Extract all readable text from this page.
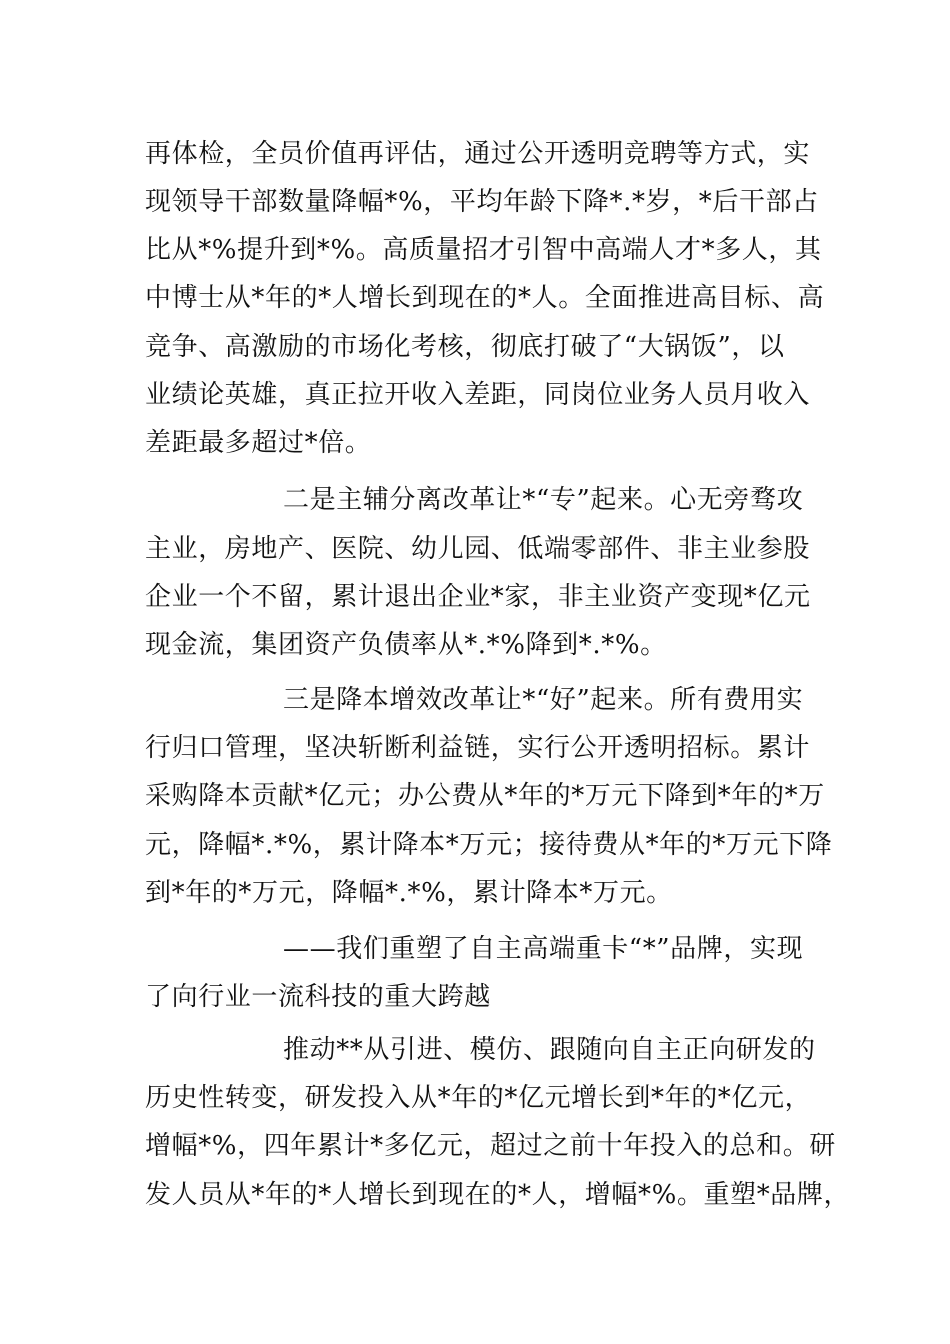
再体检，全员价值再评估，通过公开透明竞聘等方式，实
现领导干部数量降幅*%，平均年龄下降*.*岁，*后干部占
比从*%提升到*%。高质量招才引智中高端人才*多人，其
中博士从*年的*人增长到现在的*人。全面推进高目标、高
竞争、高激励的市场化考核，彻底打破了“大锅饭”，以
业绩论英雄，真正拉开收入差距，同岗位业务人员月收入
差距最多超过*倍。
二是主辅分离改革让*“专”起来。心无旁骛攻
主业，房地产、医院、幼儿园、低端零部件、非主业参股
企业一个不留，累计退出企业*家，非主业资产变现*亿元
现金流，集团资产负债率从*.*%降到*.*%。
三是降本增效改革让*“好”起来。所有费用实
行归口管理，坚决斩断利益链，实行公开透明招标。累计
采购降本贡献*亿元；办公费从*年的*万元下降到*年的*万
元，降幅*.*%，累计降本*万元；接待费从*年的*万元下降
到*年的*万元，降幅*.*%，累计降本*万元。
——我们重塑了自主高端重卡“*”品牌，实现
了向行业一流科技的重大跨越
推动**从引进、模仿、跟随向自主正向研发的
历史性转变，研发投入从*年的*亿元增长到*年的*亿元，
增幅*%，四年累计*多亿元，超过之前十年投入的总和。研
发人员从*年的*人增长到现在的*人，增幅*%。重塑*品牌，
